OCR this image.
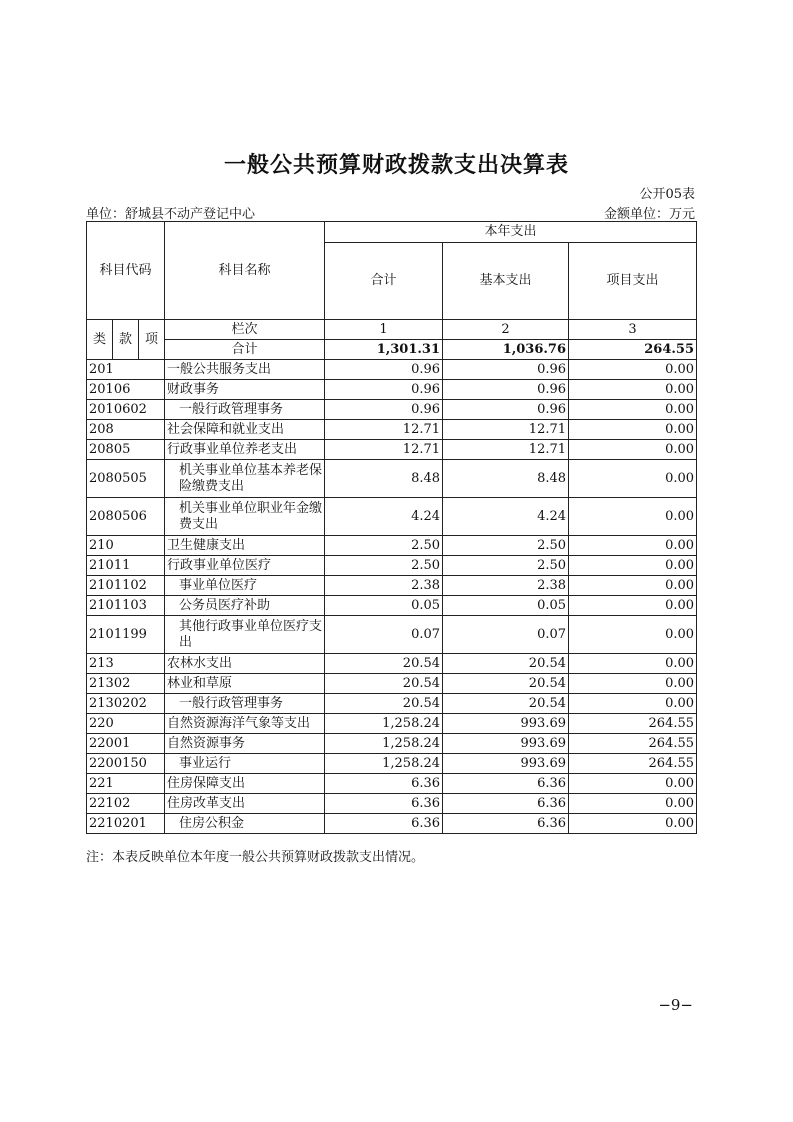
一般公共预算财政拨款支出决算表
公开05表
单位：舒城县不动产登记中心	金额单位：万元
科目代码			科目名称	本年支出		
				合计	基本支出	项目支出
类	款	项	栏次	1	2	3
			合计	1,301.31	1,036.76	264.55
201			一般公共服务支出	0.96	0.96	0.00
20106			财政事务	0.96	0.96	0.00
2010602			一般行政管理事务	0.96	0.96	0.00
208			社会保障和就业支出	12.71	12.71	0.00
20805			行政事业单位养老支出	12.71	12.71	0.00
2080505			机关事业单位基本养老保险缴费支出	8.48	8.48	0.00
2080506			机关事业单位职业年金缴费支出	4.24	4.24	0.00
210			卫生健康支出	2.50	2.50	0.00
21011			行政事业单位医疗	2.50	2.50	0.00
2101102			事业单位医疗	2.38	2.38	0.00
2101103			公务员医疗补助	0.05	0.05	0.00
2101199			其他行政事业单位医疗支出	0.07	0.07	0.00
213			农林水支出	20.54	20.54	0.00
21302			林业和草原	20.54	20.54	0.00
2130202			一般行政管理事务	20.54	20.54	0.00
220			自然资源海洋气象等支出	1,258.24	993.69	264.55
22001			自然资源事务	1,258.24	993.69	264.55
2200150			事业运行	1,258.24	993.69	264.55
221			住房保障支出	6.36	6.36	0.00
22102			住房改革支出	6.36	6.36	0.00
2210201			住房公积金	6.36	6.36	0.00
注：本表反映单位本年度一般公共预算财政拨款支出情况。
−9−
